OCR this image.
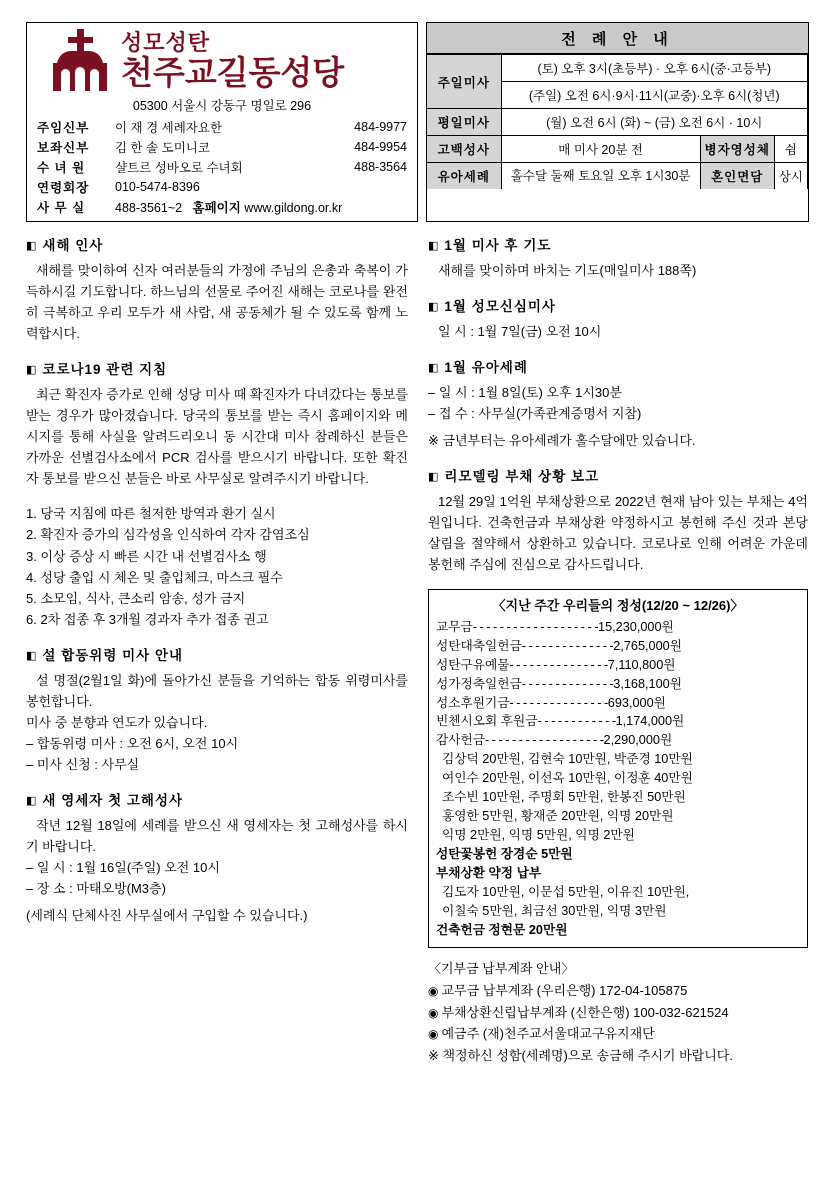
성모성탄
천주교길동성당
05300 서울시 강동구 명일로 296
주임신부	이 재 경 세례자요한	484-9977
보좌신부	김 한 솔 도미니코	484-9954
수 녀 원	샬트르 성바오로 수녀회	488-3564
연령회장	010-5474-8396	
사 무 실	488-3561~2 홈페이지 www.gildong.or.kr	
전 례 안 내
주일미사	(토) 오후 3시(초등부) · 오후 6시(중·고등부)		
	(주일) 오전 6시·9시·11시(교중)·오후 6시(청년)		
평일미사	(월) 오전 6시 (화) ~ (금) 오전 6시 · 10시		
고백성사	매 미사 20분 전	병자영성체	쉼
유아세례	홀수달 둘째 토요일 오후 1시30분	혼인면담	상시
◧ 새해 인사

새해를 맞이하여 신자 여러분들의 가정에 주님의 은총과 축복이 가득하시길 기도합니다. 하느님의 선물로 주어진 새해는 코로나를 완전히 극복하고 우리 모두가 새 사람, 새 공동체가 될 수 있도록 함께 노력합시다.

◧ 코로나19 관련 지침

최근 확진자 증가로 인해 성당 미사 때 확진자가 다녀갔다는 통보를 받는 경우가 많아졌습니다. 당국의 통보를 받는 즉시 홈페이지와 메시지를 통해 사실을 알려드리오니 동 시간대 미사 참례하신 분들은 가까운 선별검사소에서 PCR 검사를 받으시기 바랍니다. 또한 확진자 통보를 받으신 분들은 바로 사무실로 알려주시기 바랍니다.

1. 당국 지침에 따른 철저한 방역과 환기 실시
2. 확진자 증가의 심각성을 인식하여 각자 감염조심
3. 이상 증상 시 빠른 시간 내 선별검사소 행
4. 성당 출입 시 체온 및 출입체크, 마스크 필수
5. 소모임, 식사, 큰소리 암송, 성가 금지
6. 2차 접종 후 3개월 경과자 추가 접종 권고
◧ 설 합동위령 미사 안내

설 명절(2월1일 화)에 돌아가신 분들을 기억하는 합동 위령미사를 봉헌합니다.

미사 중 분향과 연도가 있습니다.

– 합동위령 미사 : 오전 6시, 오전 10시
– 미사 신청 : 사무실
◧ 새 영세자 첫 고해성사

작년 12월 18일에 세례를 받으신 새 영세자는 첫 고해성사를 하시기 바랍니다.

– 일 시 : 1월 16일(주일) 오전 10시
– 장 소 : 마태오방(M3층)

(세례식 단체사진 사무실에서 구입할 수 있습니다.)

◧ 1월 미사 후 기도

새해를 맞이하며 바치는 기도(매일미사 188쪽)

◧ 1월 성모신심미사

일 시 : 1월 7일(금) 오전 10시

◧ 1월 유아세례
– 일 시 : 1월 8일(토) 오후 1시30분
– 접 수 : 사무실(가족관계증명서 지참)

※ 금년부터는 유아세례가 홀수달에만 있습니다.

◧ 리모델링 부채 상황 보고

12월 29일 1억원 부채상환으로 2022년 현재 남아 있는 부채는 4억원입니다. 건축헌금과 부채상환 약정하시고 봉헌해 주신 것과 본당 살림을 절약해서 상환하고 있습니다. 코로나로 인해 어려운 가운데 봉헌해 주심에 진심으로 감사드립니다.

〈지난 주간 우리들의 정성(12/20 ~ 12/26)〉
교무금- - - - - - - - - - - - - - - - - - -15,230,000원
성탄대축일헌금- - - - - - - - - - - - - -2,765,000원
성탄구유예물- - - - - - - - - - - - - - -7,110,800원
성가정축일헌금- - - - - - - - - - - - - -3,168,100원
성소후원기금- - - - - - - - - - - - - - -693,000원
빈첸시오회 후원금- - - - - - - - - - - -1,174,000원
감사헌금- - - - - - - - - - - - - - - - - -2,290,000원
김상덕 20만원, 김현숙 10만원, 박준경 10만원
여인수 20만원, 이선옥 10만원, 이정훈 40만원
조수빈 10만원, 주명회 5만원, 한봉진 50만원
홍영한 5만원, 황재준 20만원, 익명 20만원
익명 2만원, 익명 5만원, 익명 2만원
성탄꽃봉헌 장경순 5만원
부채상환 약정 납부
김도자 10만원, 이문섭 5만원, 이유진 10만원,
이칠숙 5만원, 최금선 30만원, 익명 3만원
건축헌금 정현문 20만원
〈기부금 납부계좌 안내〉
◉ 교무금 납부계좌 (우리은행) 172-04-105875
◉ 부채상환신립납부계좌 (신한은행) 100-032-621524
◉ 예금주 (재)천주교서울대교구유지재단
※ 책정하신 성함(세례명)으로 송금해 주시기 바랍니다.
